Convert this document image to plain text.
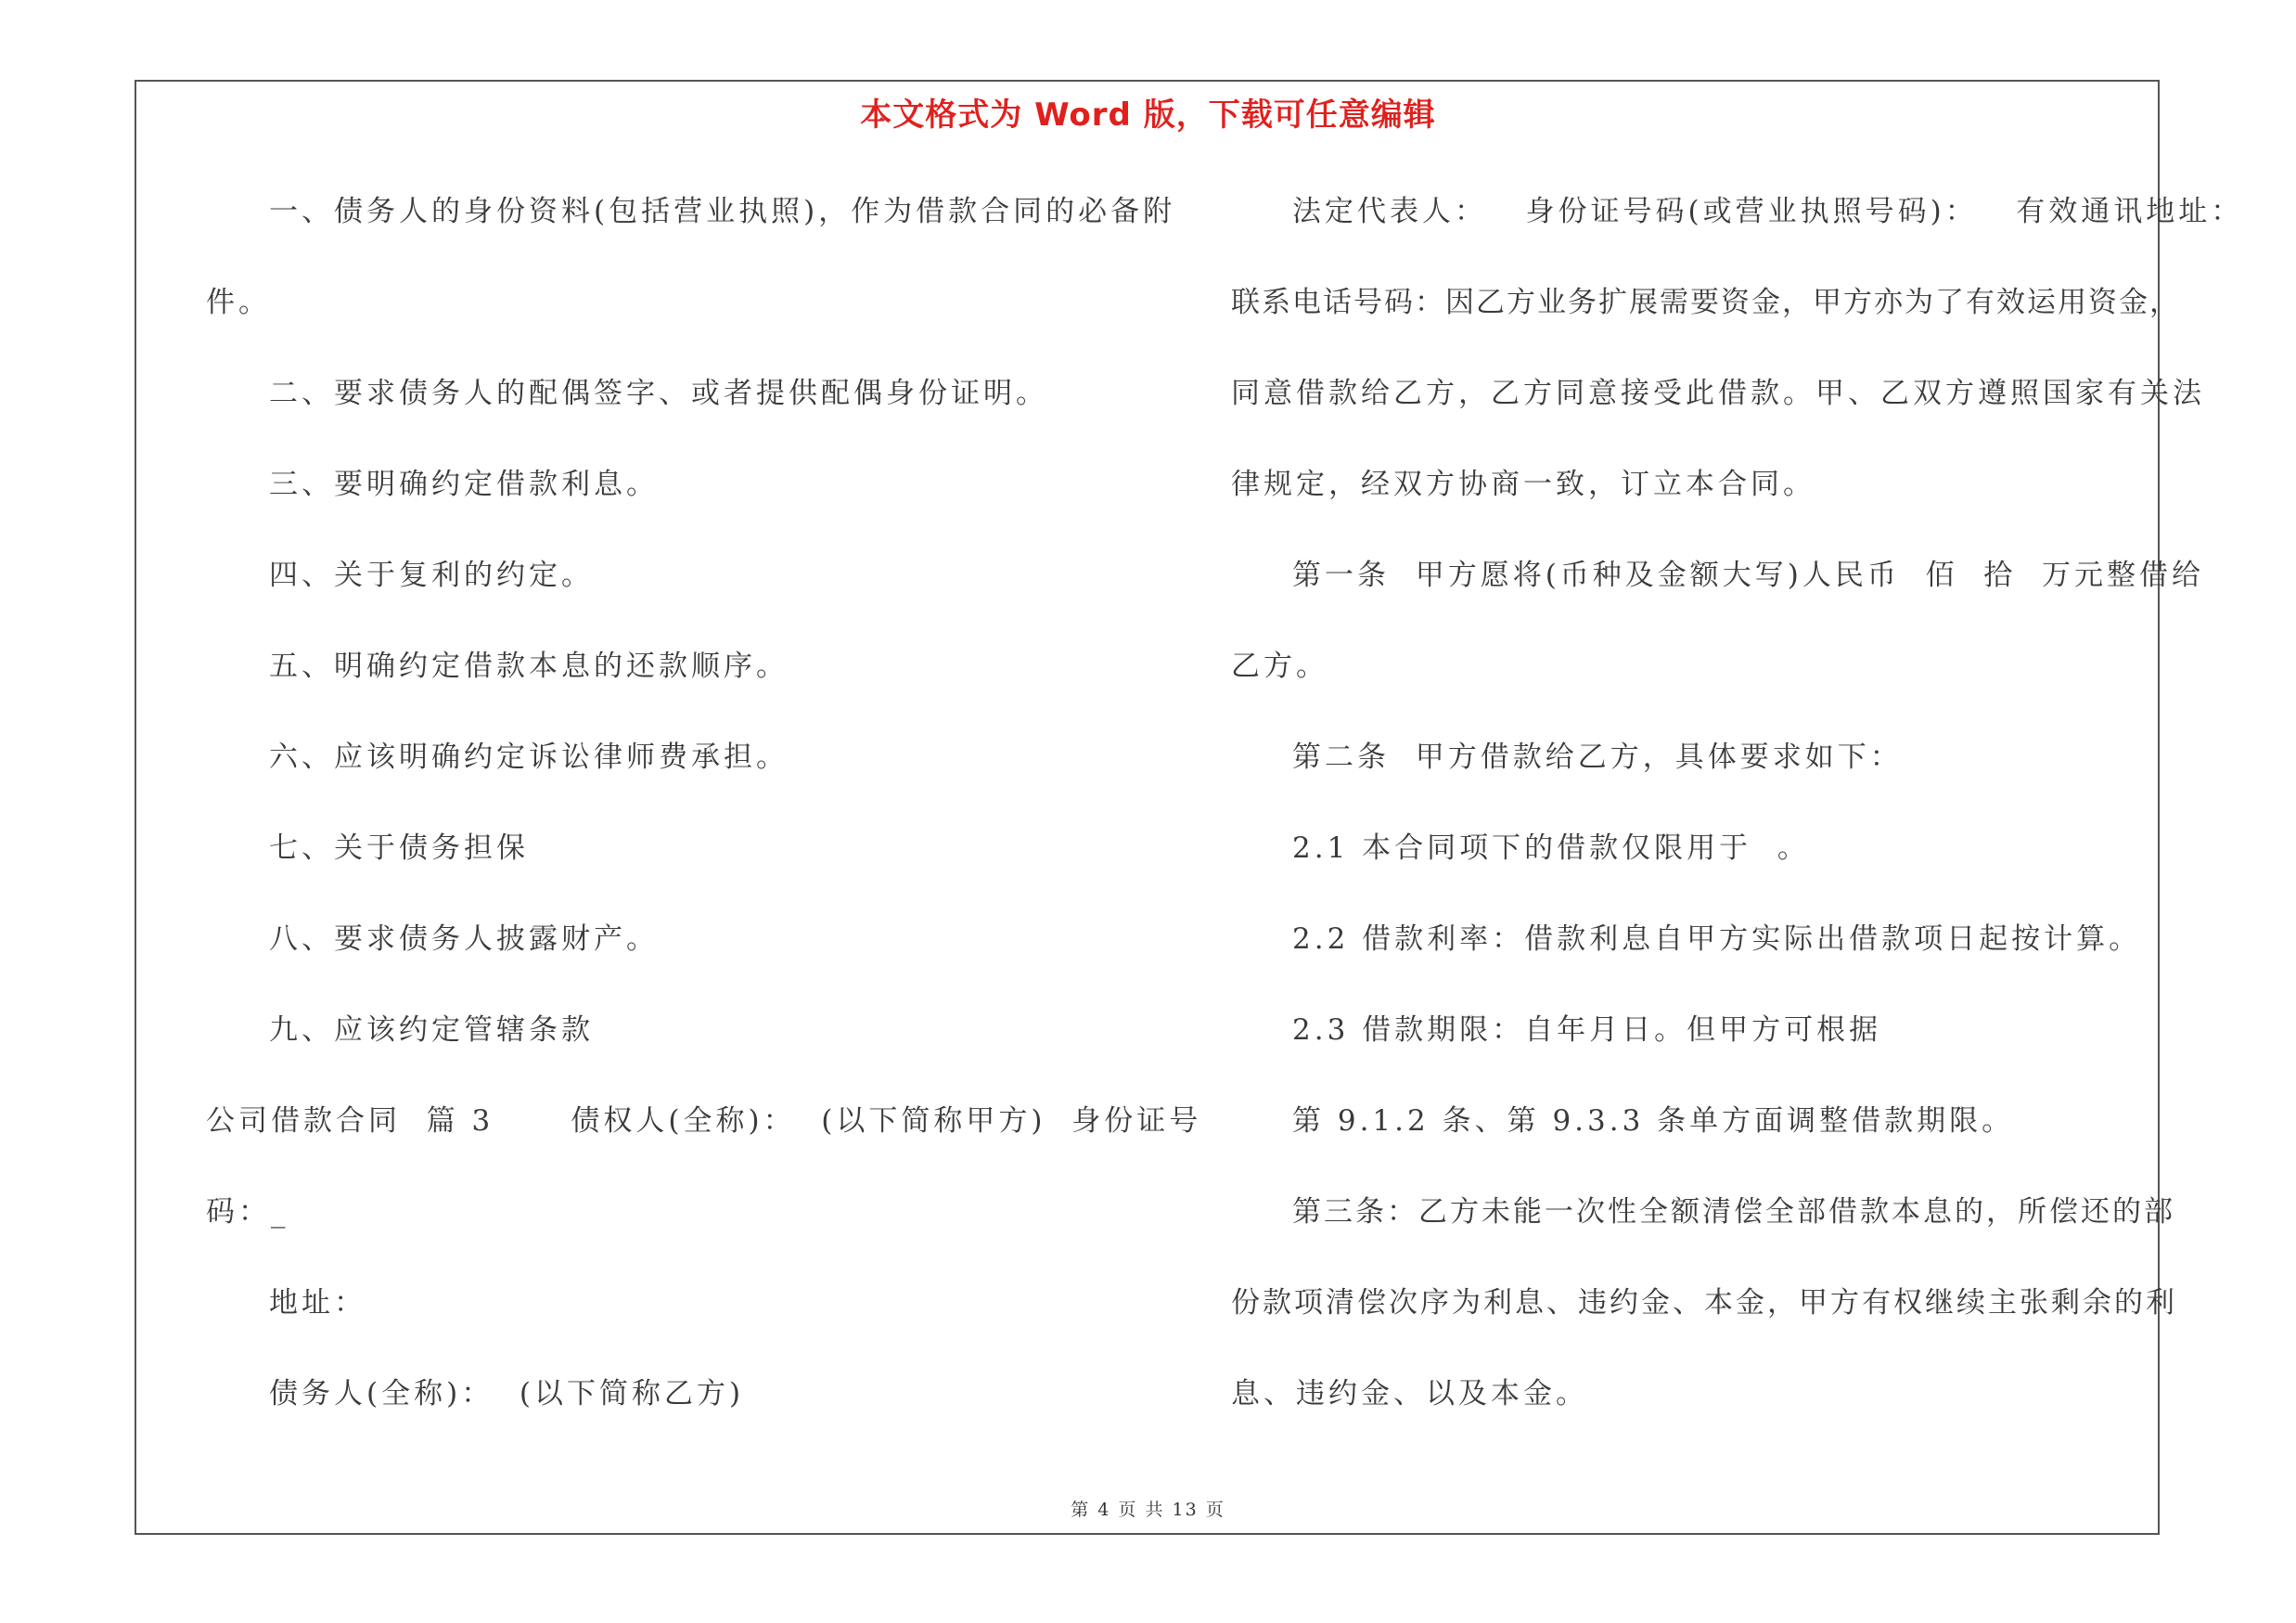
本文格式为 Word 版，下载可任意编辑
一、债务人的身份资料(包括营业执照)，作为借款合同的必备附
件。
二、要求债务人的配偶签字、或者提供配偶身份证明。
三、要明确约定借款利息。
四、关于复利的约定。
五、明确约定借款本息的还款顺序。
六、应该明确约定诉讼律师费承担。
七、关于债务担保
八、要求债务人披露财产。
九、应该约定管辖条款
公司借款合同  篇 3      债权人(全称)：  (以下简称甲方)  身份证号
码：_
地址：
债务人(全称)：  (以下简称乙方)
法定代表人：   身份证号码(或营业执照号码)：   有效通讯地址：
联系电话号码：因乙方业务扩展需要资金，甲方亦为了有效运用资金，
同意借款给乙方，乙方同意接受此借款。甲、乙双方遵照国家有关法
律规定，经双方协商一致，订立本合同。
第一条  甲方愿将(币种及金额大写)人民币  佰  拾  万元整借给
乙方。
第二条  甲方借款给乙方，具体要求如下：
2.1 本合同项下的借款仅限用于  。
2.2 借款利率：借款利息自甲方实际出借款项日起按计算。
2.3 借款期限：自年月日。但甲方可根据
第 9.1.2 条、第 9.3.3 条单方面调整借款期限。
第三条：乙方未能一次性全额清偿全部借款本息的，所偿还的部
份款项清偿次序为利息、违约金、本金，甲方有权继续主张剩余的利
息、违约金、以及本金。
第 4 页 共 13 页
